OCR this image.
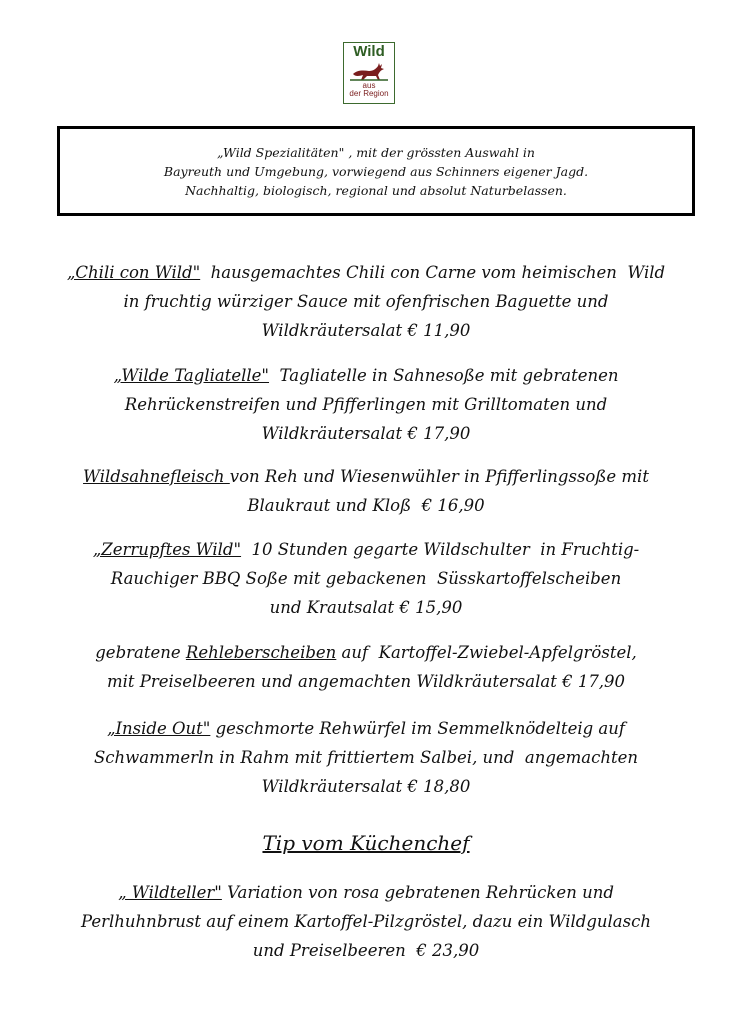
Wild
aus
der Region
„Wild Spezialitäten" , mit der grössten Auswahl in
Bayreuth und Umgebung, vorwiegend aus Schinners eigener Jagd.
Nachhaltig, biologisch, regional und absolut Naturbelassen.
„Chili con Wild"  hausgemachtes Chili con Carne vom heimischen  Wild
in fruchtig würziger Sauce mit ofenfrischen Baguette und
Wildkräutersalat € 11,90
„Wilde Tagliatelle"  Tagliatelle in Sahnesoße mit gebratenen
Rehrückenstreifen und Pfifferlingen mit Grilltomaten und
Wildkräutersalat € 17,90
Wildsahnefleisch von Reh und Wiesenwühler in Pfifferlingssoße mit
Blaukraut und Kloß  € 16,90
„Zerrupftes Wild"  10 Stunden gegarte Wildschulter  in Fruchtig-
Rauchiger BBQ Soße mit gebackenen  Süsskartoffelscheiben
und Krautsalat € 15,90
gebratene Rehleberscheiben auf  Kartoffel-Zwiebel-Apfelgröstel,
mit Preiselbeeren und angemachten Wildkräutersalat € 17,90
„Inside Out" geschmorte Rehwürfel im Semmelknödelteig auf
Schwammerln in Rahm mit frittiertem Salbei, und  angemachten
Wildkräutersalat € 18,80
Tip vom Küchenchef
„ Wildteller" Variation von rosa gebratenen Rehrücken und
Perlhuhnbrust auf einem Kartoffel-Pilzgröstel, dazu ein Wildgulasch
und Preiselbeeren  € 23,90
